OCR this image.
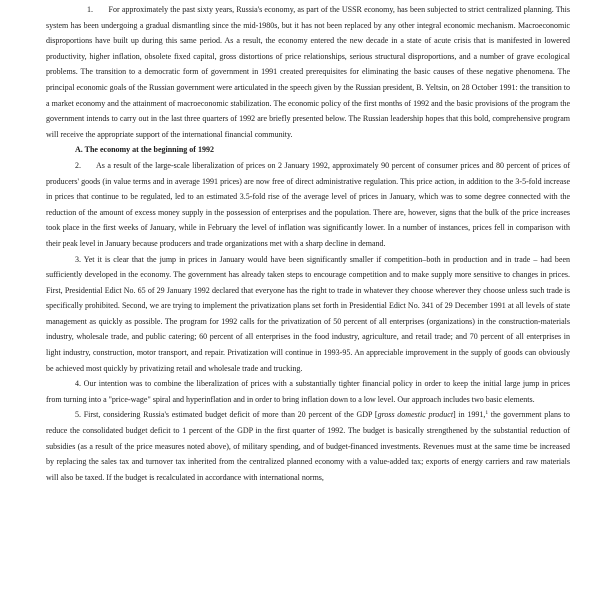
1. For approximately the past sixty years, Russia's economy, as part of the USSR economy, has been subjected to strict centralized planning. This system has been undergoing a gradual dismantling since the mid-1980s, but it has not been replaced by any other integral economic mechanism. Macroeconomic disproportions have built up during this same period. As a result, the economy entered the new decade in a state of acute crisis that is manifested in lowered productivity, higher inflation, obsolete fixed capital, gross distortions of price relationships, serious structural disproportions, and a number of grave ecological problems. The transition to a democratic form of government in 1991 created prerequisites for eliminating the basic causes of these negative phenomena. The principal economic goals of the Russian government were articulated in the speech given by the Russian president, B. Yeltsin, on 28 October 1991: the transition to a market economy and the attainment of macroeconomic stabilization. The economic policy of the first months of 1992 and the basic provisions of the program the government intends to carry out in the last three quarters of 1992 are briefly presented below. The Russian leadership hopes that this bold, comprehensive program will receive the appropriate support of the international financial community.

A. The economy at the beginning of 1992

2. As a result of the large-scale liberalization of prices on 2 January 1992, approximately 90 percent of consumer prices and 80 percent of prices of producers' goods (in value terms and in average 1991 prices) are now free of direct administrative regulation. This price action, in addition to the 3-5-fold increase in prices that continue to be regulated, led to an estimated 3.5-fold rise of the average level of prices in January, which was to some degree connected with the reduction of the amount of excess money supply in the possession of enterprises and the population. There are, however, signs that the bulk of the price increases took place in the first weeks of January, while in February the level of inflation was significantly lower. In a number of instances, prices fell in comparison with their peak level in January because producers and trade organizations met with a sharp decline in demand.

3. Yet it is clear that the jump in prices in January would have been significantly smaller if competition–both in production and in trade – had been sufficiently developed in the economy. The government has already taken steps to encourage competition and to make supply more sensitive to changes in prices. First, Presidential Edict No. 65 of 29 January 1992 declared that everyone has the right to trade in whatever they choose wherever they choose unless such trade is specifically prohibited. Second, we are trying to implement the privatization plans set forth in Presidential Edict No. 341 of 29 December 1991 at all levels of state management as quickly as possible. The program for 1992 calls for the privatization of 50 percent of all enterprises (organizations) in the construction-materials industry, wholesale trade, and public catering; 60 percent of all enterprises in the food industry, agriculture, and retail trade; and 70 percent of all enterprises in light industry, construction, motor transport, and repair. Privatization will continue in 1993-95. An appreciable improvement in the supply of goods can obviously be achieved most quickly by privatizing retail and wholesale trade and trucking.

4. Our intention was to combine the liberalization of prices with a substantially tighter financial policy in order to keep the initial large jump in prices from turning into a "price-wage" spiral and hyperinflation and in order to bring inflation down to a low level. Our approach includes two basic elements.

5. First, considering Russia's estimated budget deficit of more than 20 percent of the GDP [gross domestic product] in 1991,$^1$ the government plans to reduce the consolidated budget deficit to 1 percent of the GDP in the first quarter of 1992. The budget is basically strengthened by the substantial reduction of subsidies (as a result of the price measures noted above), of military spending, and of budget-financed investments. Revenues must at the same time be increased by replacing the sales tax and turnover tax inherited from the centralized planned economy with a value-added tax; exports of energy carriers and raw materials will also be taxed. If the budget is recalculated in accordance with international norms,
